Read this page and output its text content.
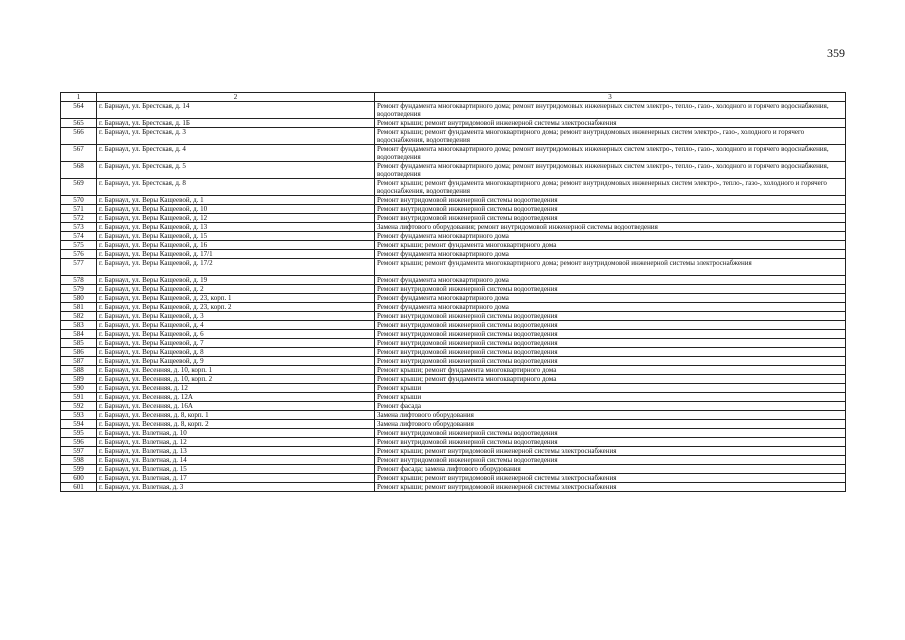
359
1	2	3
564	г. Барнаул, ул. Брестская, д. 14	Ремонт фундамента многоквартирного дома; ремонт внутридомовых инженерных систем электро-, тепло-, газо-, холодного и горячего водоснабжения, водоотведения
565	г. Барнаул, ул. Брестская, д. 1Б	Ремонт крыши; ремонт внутридомовой инженерной системы электроснабжения
566	г. Барнаул, ул. Брестская, д. 3	Ремонт крыши; ремонт фундамента многоквартирного дома; ремонт внутридомовых инженерных систем электро-, газо-, холодного и горячего водоснабжения, водоотведения
567	г. Барнаул, ул. Брестская, д. 4	Ремонт фундамента многоквартирного дома; ремонт внутридомовых инженерных систем электро-, тепло-, газо-, холодного и горячего водоснабжения, водоотведения
568	г. Барнаул, ул. Брестская, д. 5	Ремонт фундамента многоквартирного дома; ремонт внутридомовых инженерных систем электро-, тепло-, газо-, холодного и горячего водоснабжения, водоотведения
569	г. Барнаул, ул. Брестская, д. 8	Ремонт крыши; ремонт фундамента многоквартирного дома; ремонт внутридомовых инженерных систем электро-, тепло-, газо-, холодного и горячего водоснабжения, водоотведения
570	г. Барнаул, ул. Веры Кащеевой, д. 1	Ремонт внутридомовой инженерной системы водоотведения
571	г. Барнаул, ул. Веры Кащеевой, д. 10	Ремонт внутридомовой инженерной системы водоотведения
572	г. Барнаул, ул. Веры Кащеевой, д. 12	Ремонт внутридомовой инженерной системы водоотведения
573	г. Барнаул, ул. Веры Кащеевой, д. 13	Замена лифтового оборудования; ремонт внутридомовой инженерной системы водоотведения
574	г. Барнаул, ул. Веры Кащеевой, д. 15	Ремонт фундамента многоквартирного дома
575	г. Барнаул, ул. Веры Кащеевой, д. 16	Ремонт крыши; ремонт фундамента многоквартирного дома
576	г. Барнаул, ул. Веры Кащеевой, д. 17/1	Ремонт фундамента многоквартирного дома
577	г. Барнаул, ул. Веры Кащеевой, д. 17/2	Ремонт крыши; ремонт фундамента многоквартирного дома; ремонт внутридомовой инженерной системы электроснабжения
578	г. Барнаул, ул. Веры Кащеевой, д. 19	Ремонт фундамента многоквартирного дома
579	г. Барнаул, ул. Веры Кащеевой, д. 2	Ремонт внутридомовой инженерной системы водоотведения
580	г. Барнаул, ул. Веры Кащеевой, д. 23, корп. 1	Ремонт фундамента многоквартирного дома
581	г. Барнаул, ул. Веры Кащеевой, д. 23, корп. 2	Ремонт фундамента многоквартирного дома
582	г. Барнаул, ул. Веры Кащеевой, д. 3	Ремонт внутридомовой инженерной системы водоотведения
583	г. Барнаул, ул. Веры Кащеевой, д. 4	Ремонт внутридомовой инженерной системы водоотведения
584	г. Барнаул, ул. Веры Кащеевой, д. 6	Ремонт внутридомовой инженерной системы водоотведения
585	г. Барнаул, ул. Веры Кащеевой, д. 7	Ремонт внутридомовой инженерной системы водоотведения
586	г. Барнаул, ул. Веры Кащеевой, д. 8	Ремонт внутридомовой инженерной системы водоотведения
587	г. Барнаул, ул. Веры Кащеевой, д. 9	Ремонт внутридомовой инженерной системы водоотведения
588	г. Барнаул, ул. Весенняя, д. 10, корп. 1	Ремонт крыши; ремонт фундамента многоквартирного дома
589	г. Барнаул, ул. Весенняя, д. 10, корп. 2	Ремонт крыши; ремонт фундамента многоквартирного дома
590	г. Барнаул, ул. Весенняя, д. 12	Ремонт крыши
591	г. Барнаул, ул. Весенняя, д. 12А	Ремонт крыши
592	г. Барнаул, ул. Весенняя, д. 16А	Ремонт фасада
593	г. Барнаул, ул. Весенняя, д. 8, корп. 1	Замена лифтового оборудования
594	г. Барнаул, ул. Весенняя, д. 8, корп. 2	Замена лифтового оборудования
595	г. Барнаул, ул. Взлетная, д. 10	Ремонт внутридомовой инженерной системы водоотведения
596	г. Барнаул, ул. Взлетная, д. 12	Ремонт внутридомовой инженерной системы водоотведения
597	г. Барнаул, ул. Взлетная, д. 13	Ремонт крыши; ремонт внутридомовой инженерной системы электроснабжения
598	г. Барнаул, ул. Взлетная, д. 14	Ремонт внутридомовой инженерной системы водоотведения
599	г. Барнаул, ул. Взлетная, д. 15	Ремонт фасада; замена лифтового оборудования
600	г. Барнаул, ул. Взлетная, д. 17	Ремонт крыши; ремонт внутридомовой инженерной системы электроснабжения
601	г. Барнаул, ул. Взлетная, д. 3	Ремонт крыши; ремонт внутридомовой инженерной системы электроснабжения
